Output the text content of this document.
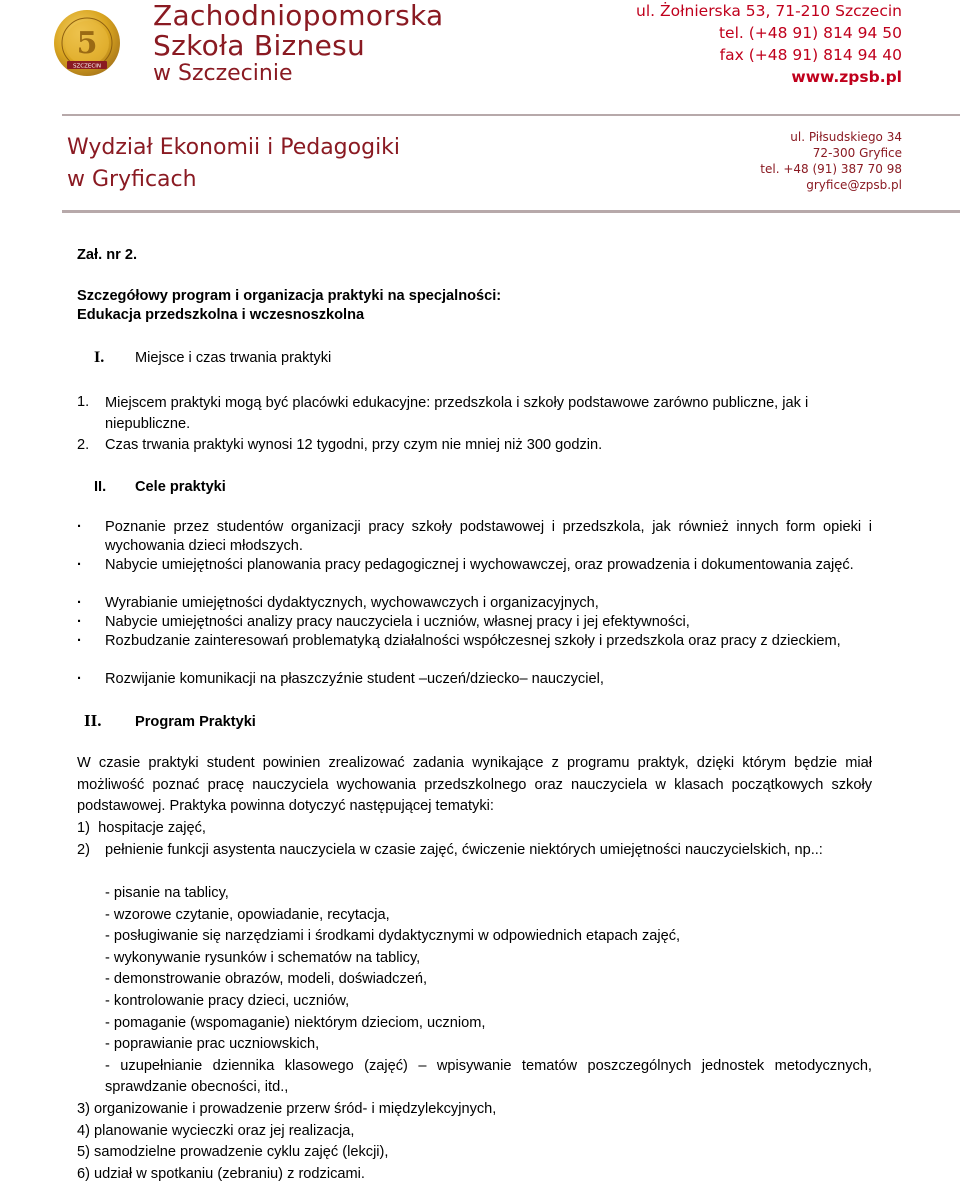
5
SZCZECIN
Zachodniopomorska
Szkoła Biznesu
w Szczecinie
ul. Żołnierska 53, 71-210 Szczecin
tel. (+48 91) 814 94 50
fax (+48 91) 814 94 40
www.zpsb.pl
Wydział Ekonomii i Pedagogiki
w Gryficach
ul. Piłsudskiego 34
72-300 Gryfice
tel. +48 (91) 387 70 98
gryfice@zpsb.pl
Zał. nr 2.
Szczegółowy program i organizacja praktyki na specjalności:
Edukacja przedszkolna i wczesnoszkolna
I. Miejsce i czas trwania praktyki
1.	Miejscem praktyki mogą być placówki edukacyjne: przedszkola i szkoły podstawowe zarówno publiczne, jak i niepubliczne.
2.	Czas trwania praktyki wynosi 12 tygodni, przy czym nie mniej niż 300 godzin.
II. Cele praktyki
·	Poznanie przez studentów organizacji pracy szkoły podstawowej i przedszkola, jak również innych form opieki i wychowania dzieci młodszych.
·	Nabycie umiejętności planowania pracy pedagogicznej i wychowawczej, oraz prowadzenia i dokumentowania zajęć.
·	Wyrabianie umiejętności dydaktycznych, wychowawczych i organizacyjnych,
·	Nabycie umiejętności analizy pracy nauczyciela i uczniów, własnej pracy i jej efektywności,
·	Rozbudzanie zainteresowań problematyką działalności współczesnej szkoły i przedszkola oraz pracy z dzieckiem,
·	Rozwijanie komunikacji na płaszczyźnie student –uczeń/dziecko– nauczyciel,
II. Program Praktyki
W czasie praktyki student powinien zrealizować zadania wynikające z programu praktyk, dzięki którym będzie miał możliwość poznać pracę nauczyciela wychowania przedszkolnego oraz nauczyciela w klasach początkowych szkoły podstawowej. Praktyka powinna dotyczyć następującej tematyki:
1)  hospitacje zajęć,
2)	pełnienie funkcji asystenta nauczyciela w czasie zajęć, ćwiczenie niektórych umiejętności nauczycielskich, np..:
- pisanie na tablicy,
- wzorowe czytanie, opowiadanie, recytacja,
- posługiwanie się narzędziami i środkami dydaktycznymi w odpowiednich etapach zajęć,
- wykonywanie rysunków i schematów na tablicy,
- demonstrowanie obrazów, modeli, doświadczeń,
- kontrolowanie pracy dzieci, uczniów,
- pomaganie (wspomaganie) niektórym dzieciom, uczniom,
- poprawianie prac uczniowskich,
- uzupełnianie dziennika klasowego (zajęć) – wpisywanie tematów poszczególnych jednostek metodycznych, sprawdzanie obecności, itd.,
3) organizowanie i prowadzenie przerw śród- i międzylekcyjnych,
4) planowanie wycieczki oraz jej realizacja,
5) samodzielne prowadzenie cyklu zajęć (lekcji),
6) udział w spotkaniu (zebraniu) z rodzicami.
